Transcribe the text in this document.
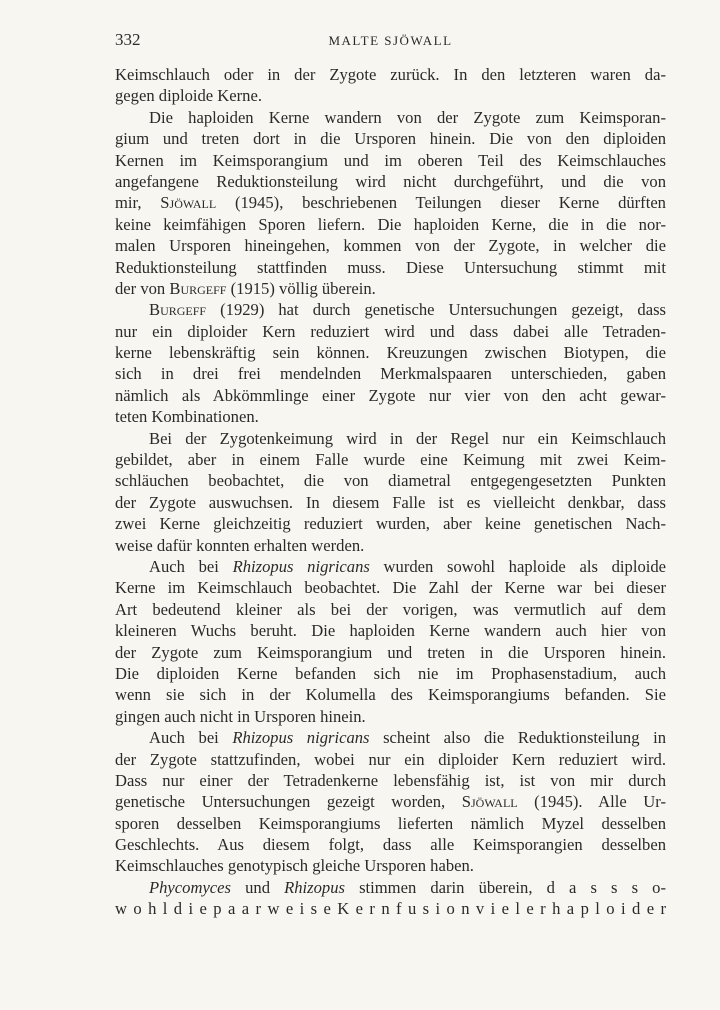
332	MALTE SJÖWALL
Keimschlauch oder in der Zygote zurück. In den letzteren waren da-
gegen diploide Kerne.
Die haploiden Kerne wandern von der Zygote zum Keimsporan-
gium und treten dort in die Ursporen hinein. Die von den diploiden
Kernen im Keimsporangium und im oberen Teil des Keimschlauches
angefangene Reduktionsteilung wird nicht durchgeführt, und die von
mir, Sjöwall (1945), beschriebenen Teilungen dieser Kerne dürften
keine keimfähigen Sporen liefern. Die haploiden Kerne, die in die nor-
malen Ursporen hineingehen, kommen von der Zygote, in welcher die
Reduktionsteilung stattfinden muss. Diese Untersuchung stimmt mit
der von Burgeff (1915) völlig überein.
Burgeff (1929) hat durch genetische Untersuchungen gezeigt, dass
nur ein diploider Kern reduziert wird und dass dabei alle Tetraden-
kerne lebenskräftig sein können. Kreuzungen zwischen Biotypen, die
sich in drei frei mendelnden Merkmalspaaren unterschieden, gaben
nämlich als Abkömmlinge einer Zygote nur vier von den acht gewar-
teten Kombinationen.
Bei der Zygotenkeimung wird in der Regel nur ein Keimschlauch
gebildet, aber in einem Falle wurde eine Keimung mit zwei Keim-
schläuchen beobachtet, die von diametral entgegengesetzten Punkten
der Zygote auswuchsen. In diesem Falle ist es vielleicht denkbar, dass
zwei Kerne gleichzeitig reduziert wurden, aber keine genetischen Nach-
weise dafür konnten erhalten werden.
Auch bei Rhizopus nigricans wurden sowohl haploide als diploide
Kerne im Keimschlauch beobachtet. Die Zahl der Kerne war bei dieser
Art bedeutend kleiner als bei der vorigen, was vermutlich auf dem
kleineren Wuchs beruht. Die haploiden Kerne wandern auch hier von
der Zygote zum Keimsporangium und treten in die Ursporen hinein.
Die diploiden Kerne befanden sich nie im Prophasenstadium, auch
wenn sie sich in der Kolumella des Keimsporangiums befanden. Sie
gingen auch nicht in Ursporen hinein.
Auch bei Rhizopus nigricans scheint also die Reduktionsteilung in
der Zygote stattzufinden, wobei nur ein diploider Kern reduziert wird.
Dass nur einer der Tetradenkerne lebensfähig ist, ist von mir durch
genetische Untersuchungen gezeigt worden, Sjöwall (1945). Alle Ur-
sporen desselben Keimsporangiums lieferten nämlich Myzel desselben
Geschlechts. Aus diesem folgt, dass alle Keimsporangien desselben
Keimschlauches genotypisch gleiche Ursporen haben.
Phycomyces und Rhizopus stimmen darin überein, d a s s s o-
w o h l d i e p a a r w e i s e K e r n f u s i o n v i e l e r h a p l o i d e r
